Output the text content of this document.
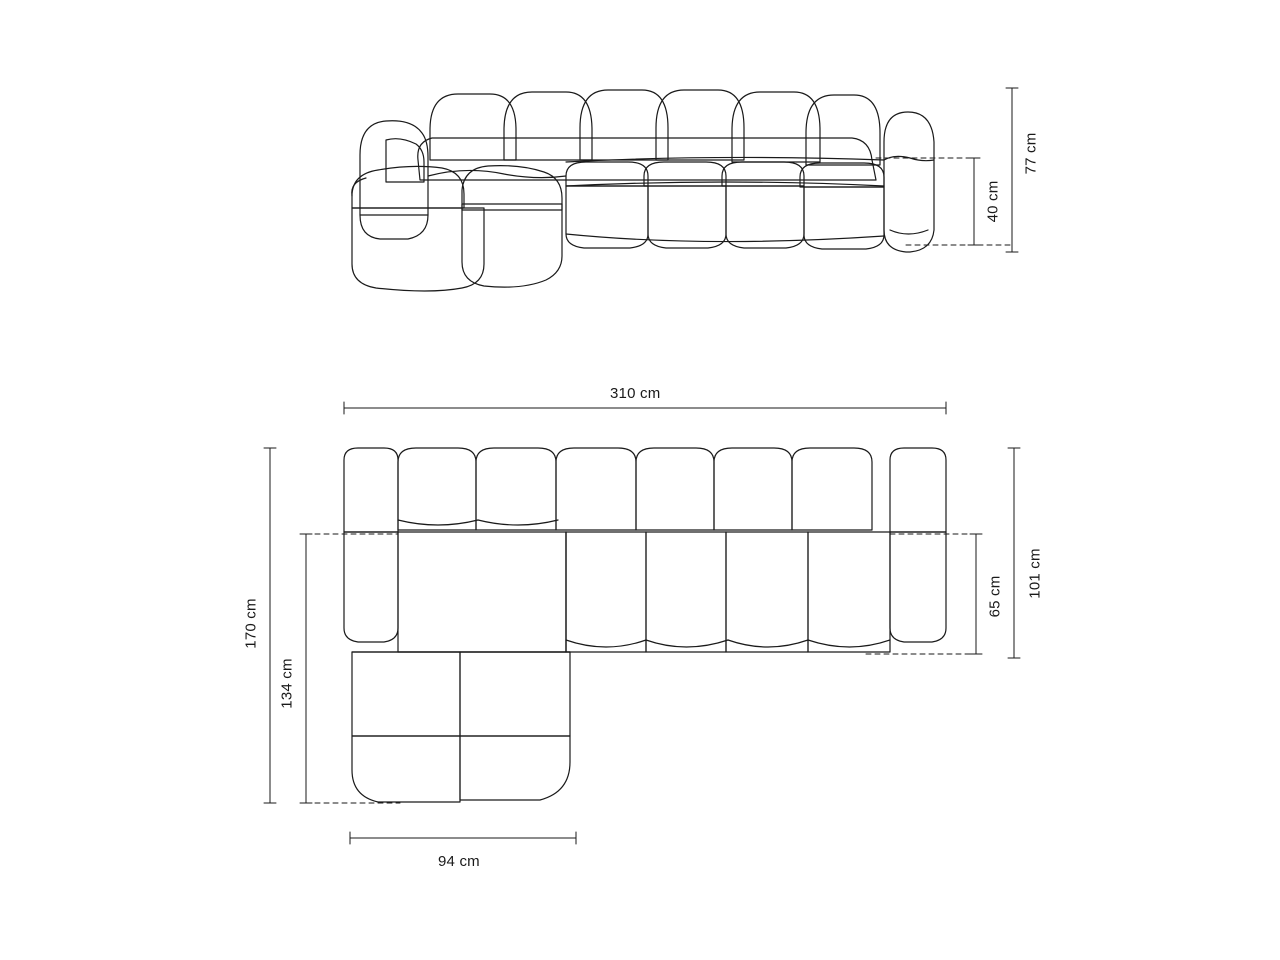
77 cm
40 cm
310 cm
170 cm
134 cm
101 cm
65 cm
94 cm
